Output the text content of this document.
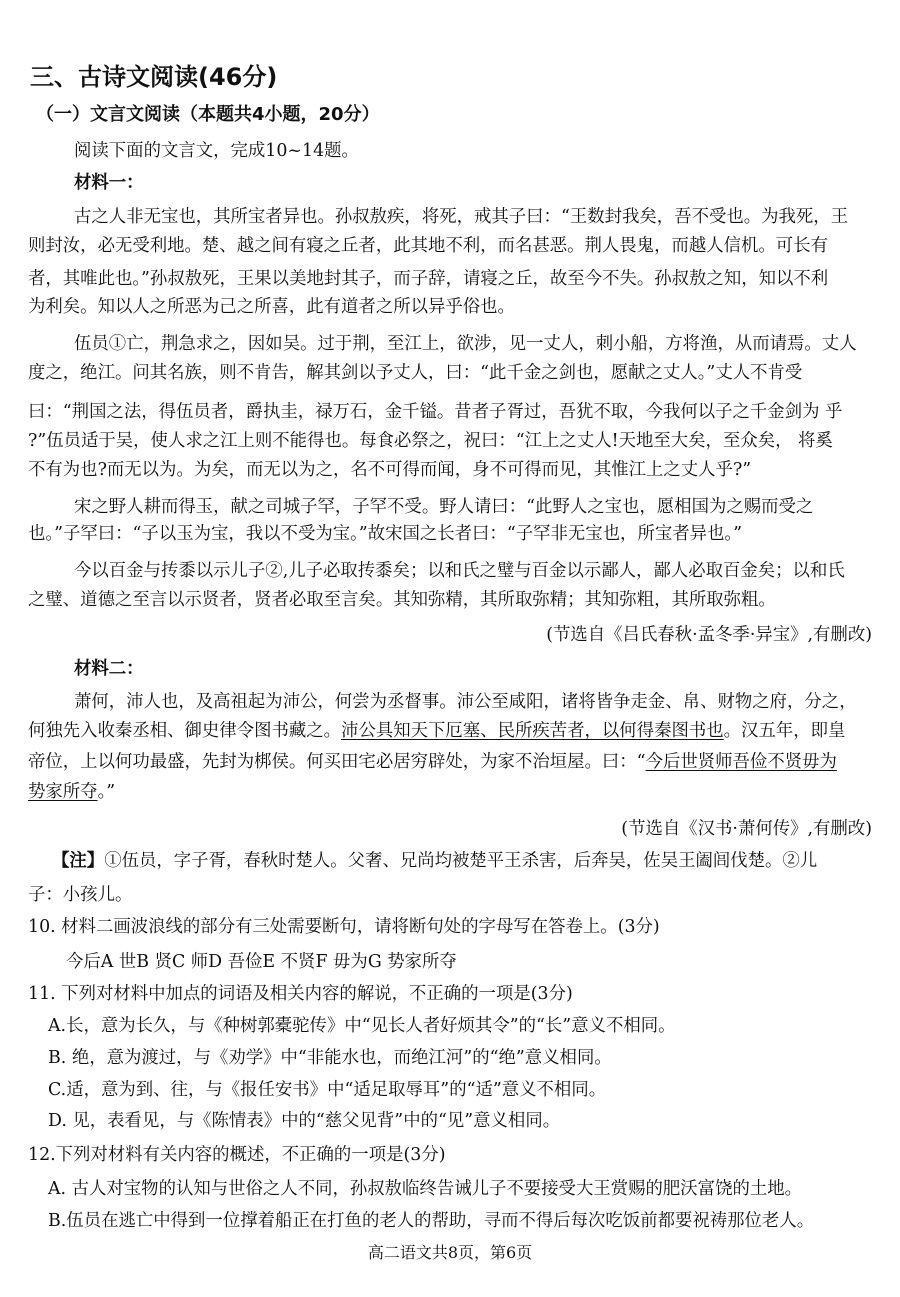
三、古诗文阅读(46分)
（一）文言文阅读（本题共4小题，20分）
阅读下面的文言文，完成10~14题。
材料一：
古之人非无宝也，其所宝者异也。孙叔敖疾，将死，戒其子曰：“王数封我矣，吾不受也。为我死，王
则封汝，必无受利地。楚、越之间有寝之丘者，此其地不利，而名甚恶。荆人畏鬼，而越人信机。可长有
者，其唯此也。”孙叔敖死，王果以美地封其子，而子辞，请寝之丘，故至今不失。孙叔敖之知，知以不利
为利矣。知以人之所恶为己之所喜，此有道者之所以异乎俗也。
伍员①亡，荆急求之，因如吴。过于荆，至江上，欲涉，见一丈人，刺小船，方将渔，从而请焉。丈人
度之，绝江。问其名族，则不肯告，解其剑以予丈人，曰：“此千金之剑也，愿献之丈人。”丈人不肯受
曰：“荆国之法，得伍员者，爵执圭，禄万石，金千镒。昔者子胥过，吾犹不取，今我何以子之千金剑为 乎
?”伍员适于吴，使人求之江上则不能得也。每食必祭之，祝曰：“江上之丈人!天地至大矣，至众矣， 将奚
不有为也?而无以为。为矣，而无以为之，名不可得而闻，身不可得而见，其惟江上之丈人乎?”
宋之野人耕而得玉，献之司城子罕，子罕不受。野人请曰：“此野人之宝也，愿相国为之赐而受之
也。”子罕曰：“子以玉为宝，我以不受为宝。”故宋国之长者曰：“子罕非无宝也，所宝者异也。”
今以百金与抟黍以示儿子②,儿子必取抟黍矣；以和氏之璧与百金以示鄙人，鄙人必取百金矣；以和氏
之璧、道德之至言以示贤者，贤者必取至言矣。其知弥精，其所取弥精；其知弥粗，其所取弥粗。
(节选自《吕氏春秋·孟冬季·异宝》,有删改)
材料二：
萧何，沛人也，及高祖起为沛公，何尝为丞督事。沛公至咸阳，诸将皆争走金、帛、财物之府，分之，
何独先入收秦丞相、御史律令图书藏之。沛公具知天下厄塞、民所疾苦者，以何得秦图书也。汉五年，即皇
帝位，上以何功最盛，先封为梆侯。何买田宅必居穷辟处，为家不治垣屋。曰：“今后世贤师吾俭不贤毋为
势家所夺。”
(节选自《汉书·萧何传》,有删改)
【注】①伍员，字子胥，春秋时楚人。父奢、兄尚均被楚平王杀害，后奔吴，佐吴王阖闾伐楚。②儿
子：小孩儿。
10. 材料二画波浪线的部分有三处需要断句，请将断句处的字母写在答卷上。(3分)
今后A 世B 贤C 师D 吾俭E 不贤F 毋为G 势家所夺
11. 下列对材料中加点的词语及相关内容的解说，不正确的一项是(3分)
A.长，意为长久，与《种树郭橐驼传》中“见长人者好烦其令”的“长”意义不相同。
B. 绝，意为渡过，与《劝学》中“非能水也，而绝江河”的“绝”意义相同。
C.适，意为到、往，与《报任安书》中“适足取辱耳”的“适”意义不相同。
D. 见，表看见，与《陈情表》中的“慈父见背”中的“见”意义相同。
12.下列对材料有关内容的概述，不正确的一项是(3分)
A. 古人对宝物的认知与世俗之人不同，孙叔敖临终告诫儿子不要接受大王赏赐的肥沃富饶的土地。
B.伍员在逃亡中得到一位撑着船正在打鱼的老人的帮助，寻而不得后每次吃饭前都要祝祷那位老人。
高二语文共8页，第6页
